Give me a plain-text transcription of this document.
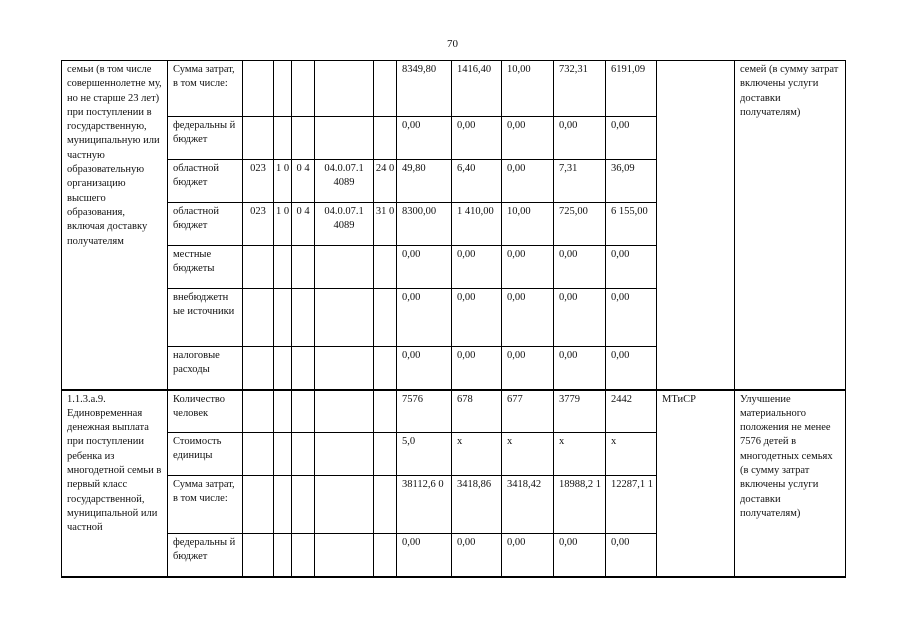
70
семьи (в том числе совершеннолетне му, но не старше 23 лет) при поступлении в государственную, муниципальную или частную образовательную организацию высшего образования, включая доставку получателям	Сумма затрат, в том числе:						8349,80	1416,40	10,00	732,31	6191,09		семей (в сумму затрат включены услуги доставки получателям)
	федеральны й бюджет						0,00	0,00	0,00	0,00	0,00		
	областной бюджет	023	1 0	0 4	04.0.07.1 4089	24 0	49,80	6,40	0,00	7,31	36,09		
	областной бюджет	023	1 0	0 4	04.0.07.1 4089	31 0	8300,00	1 410,00	10,00	725,00	6 155,00		
	местные бюджеты						0,00	0,00	0,00	0,00	0,00		
	внебюджетн ые источники						0,00	0,00	0,00	0,00	0,00		
	налоговые расходы						0,00	0,00	0,00	0,00	0,00		
1.1.3.a.9. Единовременная денежная выплата при поступлении ребенка из многодетной семьи в первый класс государственной, муниципальной или частной	Количество человек						7576	678	677	3779	2442	МТиСР	Улучшение материального положения не менее 7576 детей в многодетных семьях (в сумму затрат включены услуги доставки получателям)
	Стоимость единицы						5,0	х	х	х	х		
	Сумма затрат, в том числе:						38112,6 0	3418,86	3418,42	18988,2 1	12287,1 1		
	федеральны й бюджет						0,00	0,00	0,00	0,00	0,00		
